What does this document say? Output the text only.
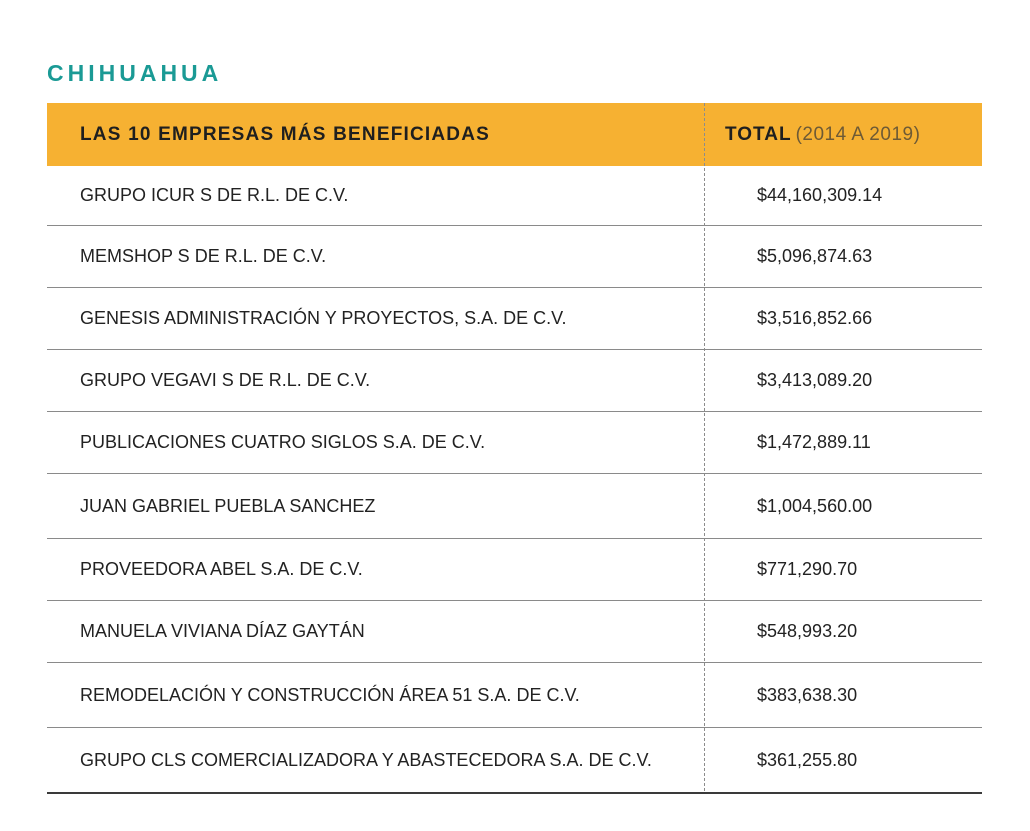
CHIHUAHUA
LAS 10 EMPRESAS MÁS BENEFICIADAS	TOTAL (2014 A 2019)
GRUPO ICUR S DE R.L. DE C.V.	$44,160,309.14
MEMSHOP S DE R.L. DE C.V.	$5,096,874.63
GENESIS ADMINISTRACIÓN Y PROYECTOS, S.A. DE C.V.	$3,516,852.66
GRUPO VEGAVI S DE R.L. DE C.V.	$3,413,089.20
PUBLICACIONES CUATRO SIGLOS S.A. DE C.V.	$1,472,889.11
JUAN GABRIEL PUEBLA SANCHEZ	$1,004,560.00
PROVEEDORA ABEL S.A. DE C.V.	$771,290.70
MANUELA VIVIANA DÍAZ GAYTÁN	$548,993.20
REMODELACIÓN Y CONSTRUCCIÓN ÁREA 51 S.A. DE C.V.	$383,638.30
GRUPO CLS COMERCIALIZADORA Y ABASTECEDORA S.A. DE C.V.	$361,255.80
